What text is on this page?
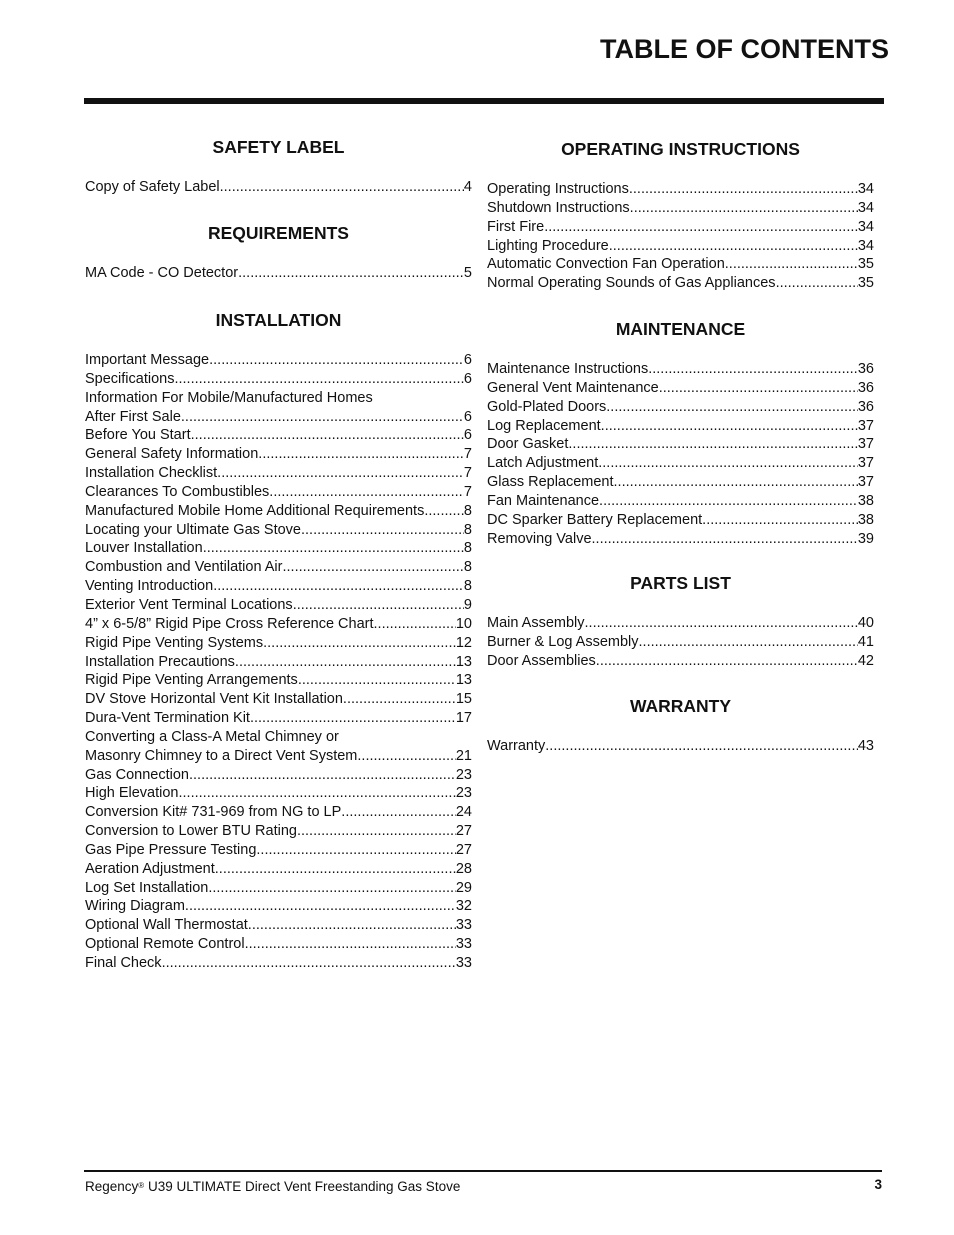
TABLE OF CONTENTS
SAFETY LABEL
Copy of Safety Label .....	4
REQUIREMENTS
MA Code - CO Detector .....	5
INSTALLATION
Important Message .....	6
Specifications .....	6
Information For Mobile/Manufactured Homes
After First Sale .....	6
Before You Start .....	6
General Safety Information .....	7
Installation Checklist .....	7
Clearances To Combustibles .....	7
Manufactured Mobile Home Additional Requirements .....	8
Locating your Ultimate Gas Stove .....	8
Louver Installation .....	8
Combustion and Ventilation Air .....	8
Venting Introduction .....	8
Exterior Vent Terminal Locations .....	9
4” x 6-5/8” Rigid Pipe Cross Reference Chart .....	10
Rigid Pipe Venting Systems .....	12
Installation Precautions .....	13
Rigid Pipe Venting Arrangements .....	13
DV Stove Horizontal Vent Kit Installation .....	15
Dura-Vent Termination Kit .....	17
Converting a Class-A Metal Chimney or
Masonry Chimney to a Direct Vent System .....	21
Gas Connection .....	23
High Elevation .....	23
Conversion Kit# 731-969 from NG to LP .....	24
Conversion to Lower BTU Rating .....	27
Gas Pipe Pressure Testing .....	27
Aeration Adjustment .....	28
Log Set Installation .....	29
Wiring Diagram .....	32
Optional Wall Thermostat .....	33
Optional Remote Control .....	33
Final Check .....	33
OPERATING INSTRUCTIONS
Operating Instructions .....	34
Shutdown Instructions .....	34
First Fire .....	34
Lighting Procedure .....	34
Automatic Convection Fan Operation .....	35
Normal Operating Sounds of Gas Appliances .....	35
MAINTENANCE
Maintenance Instructions .....	36
General Vent Maintenance .....	36
Gold-Plated Doors .....	36
Log Replacement .....	37
Door Gasket .....	37
Latch Adjustment .....	37
Glass Replacement .....	37
Fan Maintenance .....	38
DC Sparker Battery Replacement .....	38
Removing Valve .....	39
PARTS LIST
Main Assembly .....	40
Burner & Log Assembly .....	41
Door Assemblies .....	42
WARRANTY
Warranty .....	43
Regency® U39 ULTIMATE Direct Vent Freestanding Gas Stove	3
